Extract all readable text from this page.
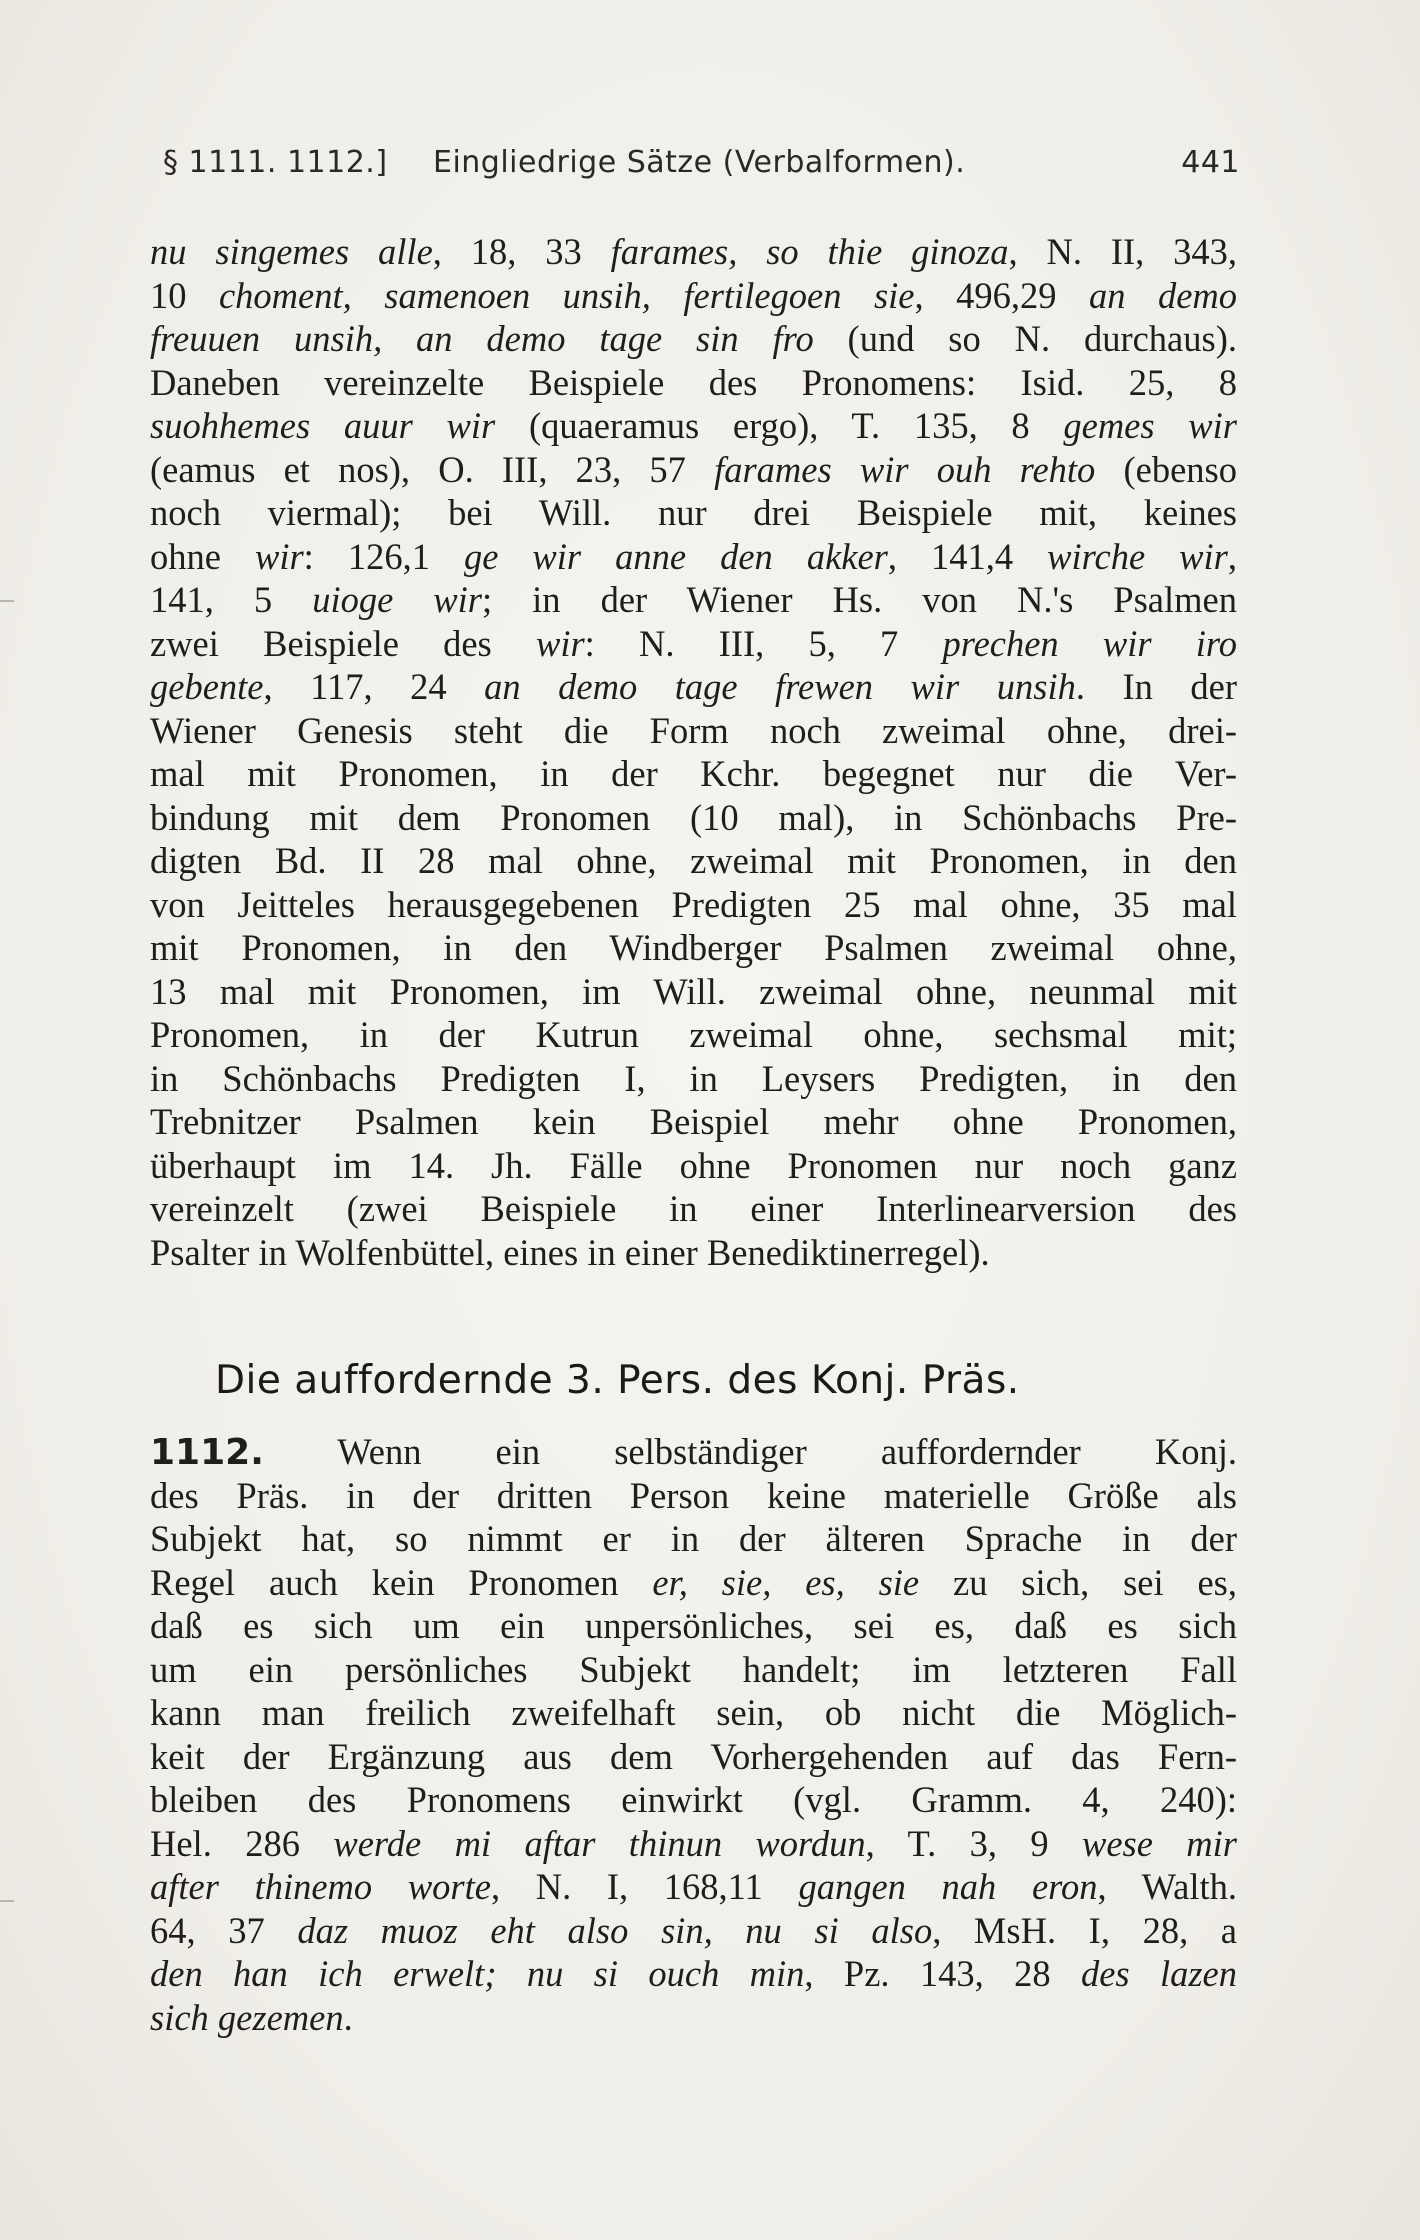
§ 1111. 1112.] Eingliedrige Sätze (Verbalformen).	441
nu singemes alle, 18, 33 farames, so thie ginoza, N. II, 343,
10 choment, samenoen unsih, fertilegoen sie, 496,29 an demo
freuuen unsih, an demo tage sin fro (und so N. durchaus).
Daneben vereinzelte Beispiele des Pronomens: Isid. 25, 8
suohhemes auur wir (quaeramus ergo), T. 135, 8 gemes wir
(eamus et nos), O. III, 23, 57 farames wir ouh rehto (ebenso
noch viermal); bei Will. nur drei Beispiele mit, keines
ohne wir: 126,1 ge wir anne den akker, 141,4 wirche wir,
141, 5 uioge wir; in der Wiener Hs. von N.'s Psalmen
zwei Beispiele des wir: N. III, 5, 7 prechen wir iro
gebente, 117, 24 an demo tage frewen wir unsih. In der
Wiener Genesis steht die Form noch zweimal ohne, drei-
mal mit Pronomen, in der Kchr. begegnet nur die Ver-
bindung mit dem Pronomen (10 mal), in Schönbachs Pre-
digten Bd. II 28 mal ohne, zweimal mit Pronomen, in den
von Jeitteles herausgegebenen Predigten 25 mal ohne, 35 mal
mit Pronomen, in den Windberger Psalmen zweimal ohne,
13 mal mit Pronomen, im Will. zweimal ohne, neunmal mit
Pronomen, in der Kutrun zweimal ohne, sechsmal mit;
in Schönbachs Predigten I, in Leysers Predigten, in den
Trebnitzer Psalmen kein Beispiel mehr ohne Pronomen,
überhaupt im 14. Jh. Fälle ohne Pronomen nur noch ganz
vereinzelt (zwei Beispiele in einer Interlinearversion des
Psalter in Wolfenbüttel, eines in einer Benediktinerregel).
Die auffordernde 3. Pers. des Konj. Präs.
1112. Wenn ein selbständiger auffordernder Konj.
des Präs. in der dritten Person keine materielle Größe als
Subjekt hat, so nimmt er in der älteren Sprache in der
Regel auch kein Pronomen er, sie, es, sie zu sich, sei es,
daß es sich um ein unpersönliches, sei es, daß es sich
um ein persönliches Subjekt handelt; im letzteren Fall
kann man freilich zweifelhaft sein, ob nicht die Möglich-
keit der Ergänzung aus dem Vorhergehenden auf das Fern-
bleiben des Pronomens einwirkt (vgl. Gramm. 4, 240):
Hel. 286 werde mi aftar thinun wordun, T. 3, 9 wese mir
after thinemo worte, N. I, 168,11 gangen nah eron, Walth.
64, 37 daz muoz eht also sin, nu si also, MsH. I, 28, a
den han ich erwelt; nu si ouch min, Pz. 143, 28 des lazen
sich gezemen.
